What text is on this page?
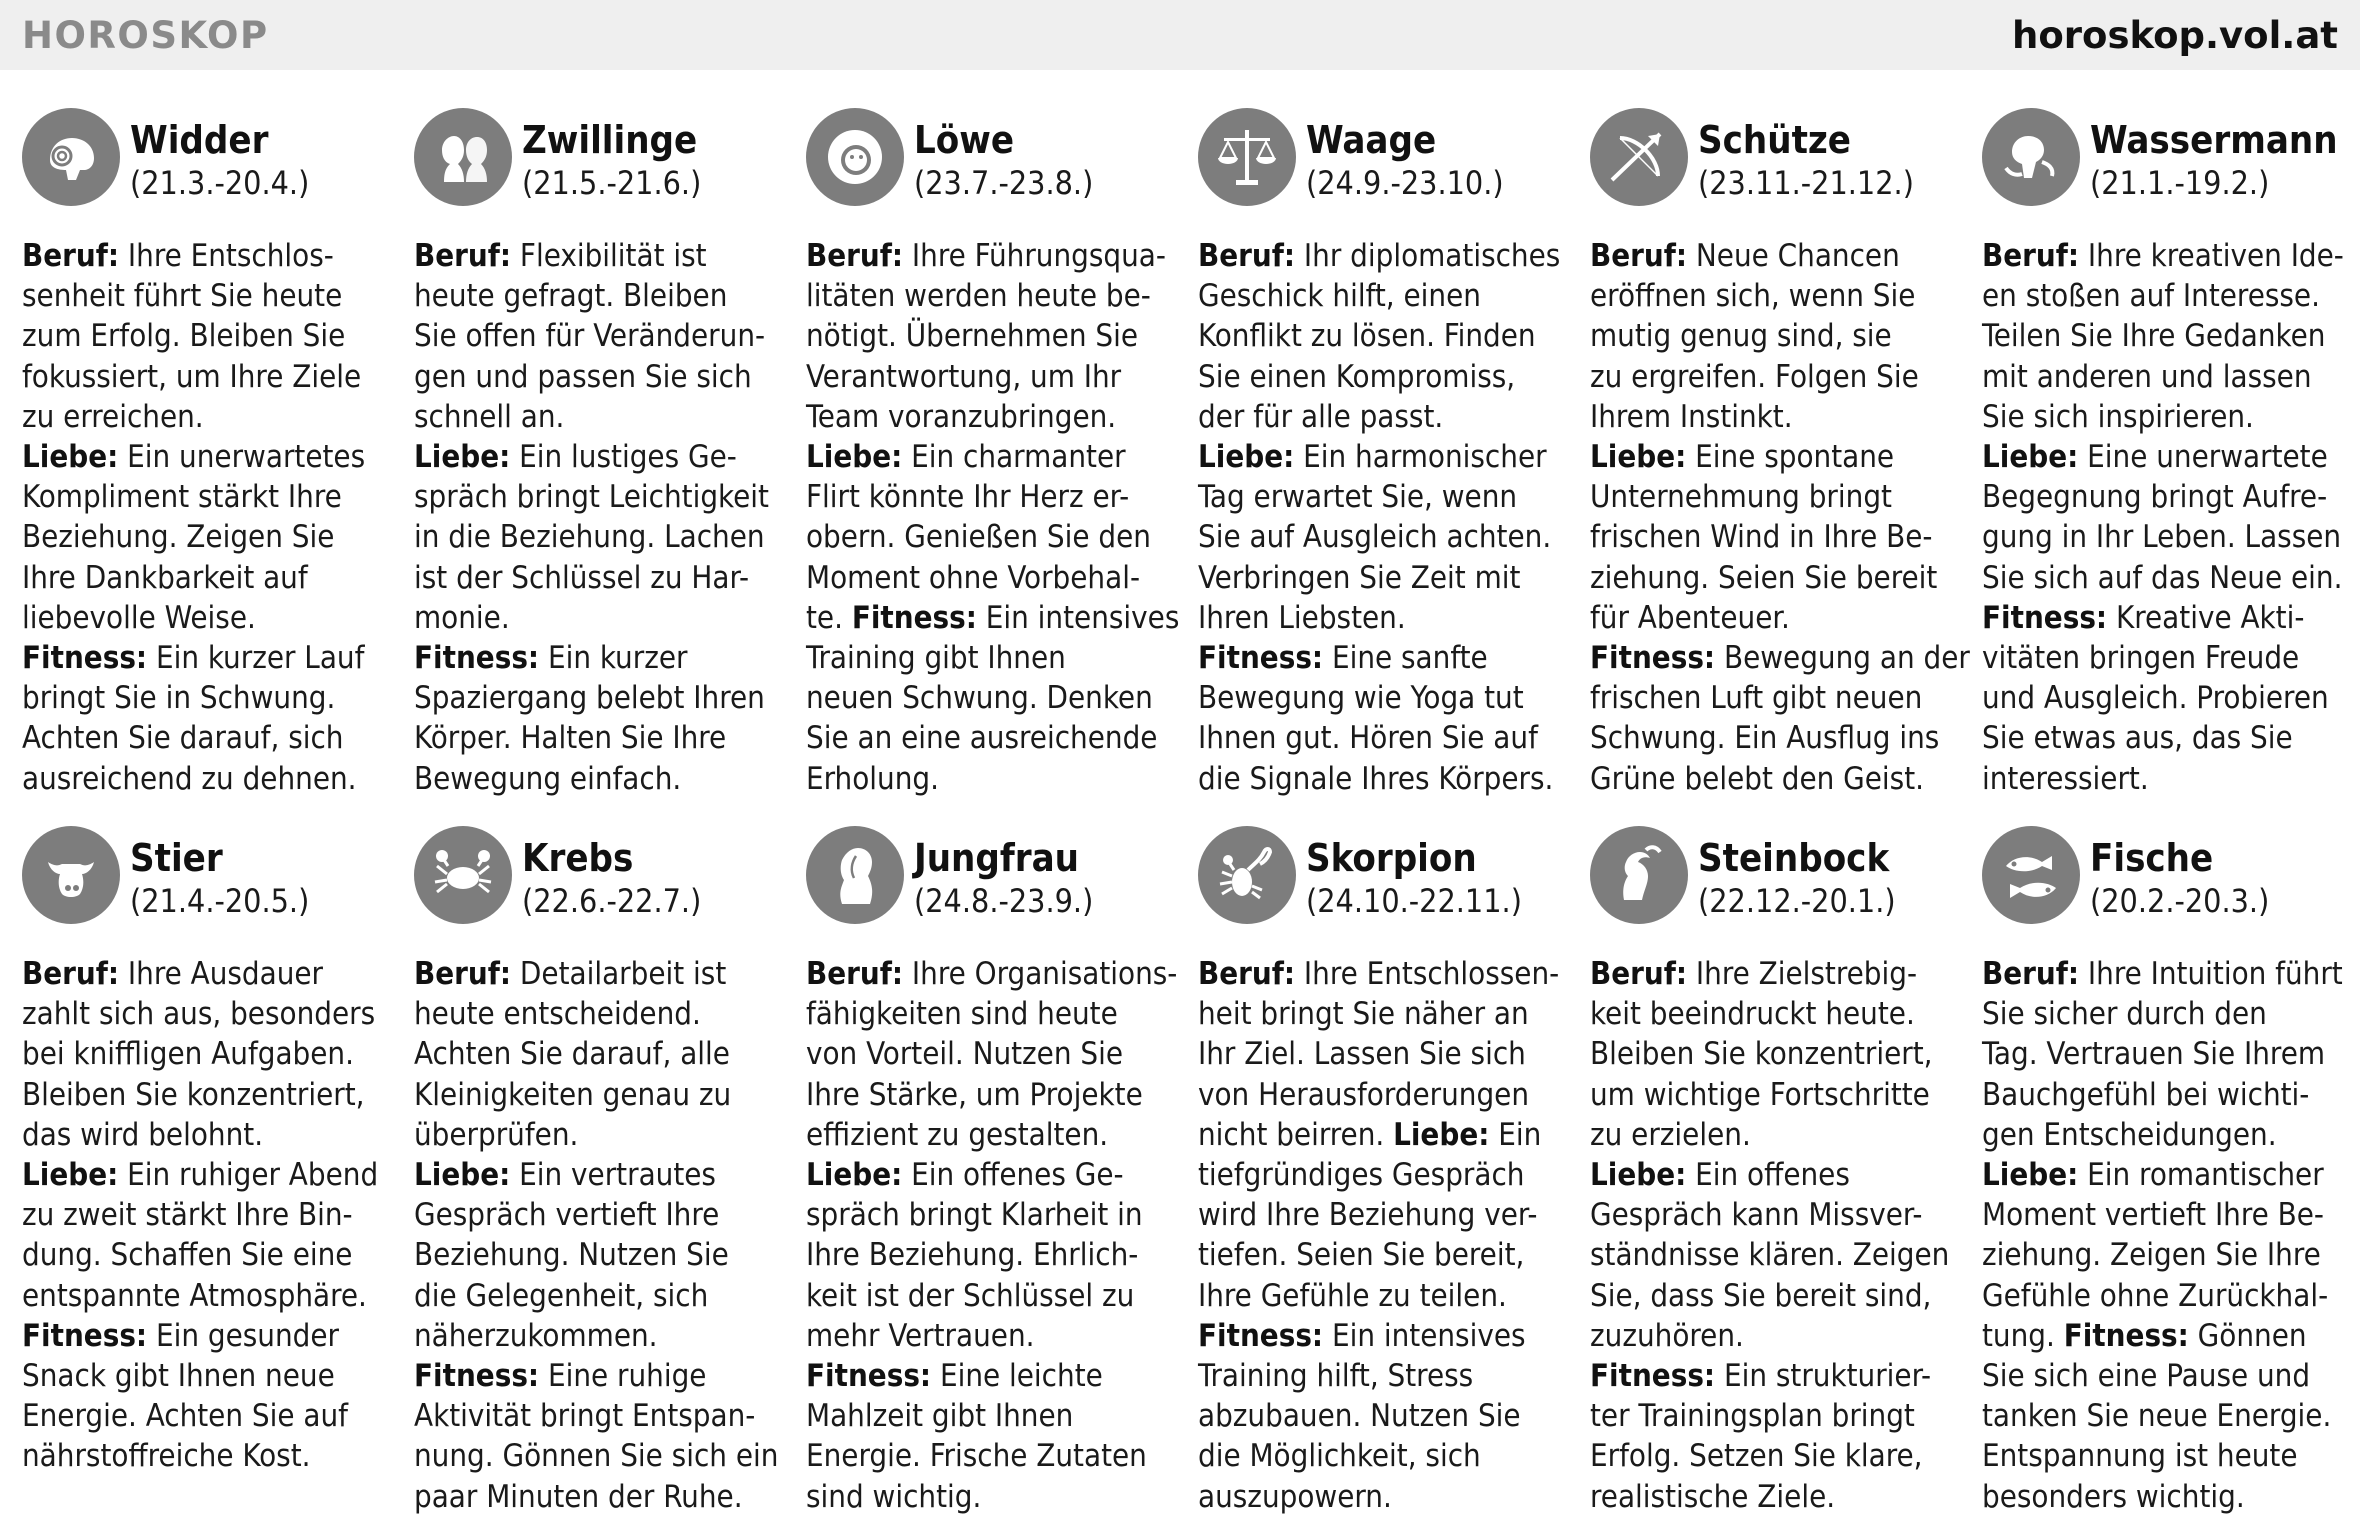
HOROSKOP	horoskop.vol.at
Widder
(21.3.-20.4.)
Beruf: Ihre Entschlos-
senheit führt Sie heute
zum Erfolg. Bleiben Sie
fokussiert, um Ihre Ziele
zu erreichen.
Liebe: Ein unerwartetes
Kompliment stärkt Ihre
Beziehung. Zeigen Sie
Ihre Dankbarkeit auf
liebevolle Weise.
Fitness: Ein kurzer Lauf
bringt Sie in Schwung.
Achten Sie darauf, sich
ausreichend zu dehnen.
Zwillinge
(21.5.-21.6.)
Beruf: Flexibilität ist
heute gefragt. Bleiben
Sie offen für Veränderun-
gen und passen Sie sich
schnell an.
Liebe: Ein lustiges Ge-
spräch bringt Leichtigkeit
in die Beziehung. Lachen
ist der Schlüssel zu Har-
monie.
Fitness: Ein kurzer
Spaziergang belebt Ihren
Körper. Halten Sie Ihre
Bewegung einfach.
Löwe
(23.7.-23.8.)
Beruf: Ihre Führungsqua-
litäten werden heute be-
nötigt. Übernehmen Sie
Verantwortung, um Ihr
Team voranzubringen.
Liebe: Ein charmanter
Flirt könnte Ihr Herz er-
obern. Genießen Sie den
Moment ohne Vorbehal-
te. Fitness: Ein intensives
Training gibt Ihnen
neuen Schwung. Denken
Sie an eine ausreichende
Erholung.
Waage
(24.9.-23.10.)
Beruf: Ihr diplomatisches
Geschick hilft, einen
Konflikt zu lösen. Finden
Sie einen Kompromiss,
der für alle passt.
Liebe: Ein harmonischer
Tag erwartet Sie, wenn
Sie auf Ausgleich achten.
Verbringen Sie Zeit mit
Ihren Liebsten.
Fitness: Eine sanfte
Bewegung wie Yoga tut
Ihnen gut. Hören Sie auf
die Signale Ihres Körpers.
Schütze
(23.11.-21.12.)
Beruf: Neue Chancen
eröffnen sich, wenn Sie
mutig genug sind, sie
zu ergreifen. Folgen Sie
Ihrem Instinkt.
Liebe: Eine spontane
Unternehmung bringt
frischen Wind in Ihre Be-
ziehung. Seien Sie bereit
für Abenteuer.
Fitness: Bewegung an der
frischen Luft gibt neuen
Schwung. Ein Ausflug ins
Grüne belebt den Geist.
Wassermann
(21.1.-19.2.)
Beruf: Ihre kreativen Ide-
en stoßen auf Interesse.
Teilen Sie Ihre Gedanken
mit anderen und lassen
Sie sich inspirieren.
Liebe: Eine unerwartete
Begegnung bringt Aufre-
gung in Ihr Leben. Lassen
Sie sich auf das Neue ein.
Fitness: Kreative Akti-
vitäten bringen Freude
und Ausgleich. Probieren
Sie etwas aus, das Sie
interessiert.
Stier
(21.4.-20.5.)
Beruf: Ihre Ausdauer
zahlt sich aus, besonders
bei kniffligen Aufgaben.
Bleiben Sie konzentriert,
das wird belohnt.
Liebe: Ein ruhiger Abend
zu zweit stärkt Ihre Bin-
dung. Schaffen Sie eine
entspannte Atmosphäre.
Fitness: Ein gesunder
Snack gibt Ihnen neue
Energie. Achten Sie auf
nährstoffreiche Kost.
Krebs
(22.6.-22.7.)
Beruf: Detailarbeit ist
heute entscheidend.
Achten Sie darauf, alle
Kleinigkeiten genau zu
überprüfen.
Liebe: Ein vertrautes
Gespräch vertieft Ihre
Beziehung. Nutzen Sie
die Gelegenheit, sich
näherzukommen.
Fitness: Eine ruhige
Aktivität bringt Entspan-
nung. Gönnen Sie sich ein
paar Minuten der Ruhe.
Jungfrau
(24.8.-23.9.)
Beruf: Ihre Organisations-
fähigkeiten sind heute
von Vorteil. Nutzen Sie
Ihre Stärke, um Projekte
effizient zu gestalten.
Liebe: Ein offenes Ge-
spräch bringt Klarheit in
Ihre Beziehung. Ehrlich-
keit ist der Schlüssel zu
mehr Vertrauen.
Fitness: Eine leichte
Mahlzeit gibt Ihnen
Energie. Frische Zutaten
sind wichtig.
Skorpion
(24.10.-22.11.)
Beruf: Ihre Entschlossen-
heit bringt Sie näher an
Ihr Ziel. Lassen Sie sich
von Herausforderungen
nicht beirren. Liebe: Ein
tiefgründiges Gespräch
wird Ihre Beziehung ver-
tiefen. Seien Sie bereit,
Ihre Gefühle zu teilen.
Fitness: Ein intensives
Training hilft, Stress
abzubauen. Nutzen Sie
die Möglichkeit, sich
auszupowern.
Steinbock
(22.12.-20.1.)
Beruf: Ihre Zielstrebig-
keit beeindruckt heute.
Bleiben Sie konzentriert,
um wichtige Fortschritte
zu erzielen.
Liebe: Ein offenes
Gespräch kann Missver-
ständnisse klären. Zeigen
Sie, dass Sie bereit sind,
zuzuhören.
Fitness: Ein strukturier-
ter Trainingsplan bringt
Erfolg. Setzen Sie klare,
realistische Ziele.
Fische
(20.2.-20.3.)
Beruf: Ihre Intuition führt
Sie sicher durch den
Tag. Vertrauen Sie Ihrem
Bauchgefühl bei wichti-
gen Entscheidungen.
Liebe: Ein romantischer
Moment vertieft Ihre Be-
ziehung. Zeigen Sie Ihre
Gefühle ohne Zurückhal-
tung. Fitness: Gönnen
Sie sich eine Pause und
tanken Sie neue Energie.
Entspannung ist heute
besonders wichtig.
